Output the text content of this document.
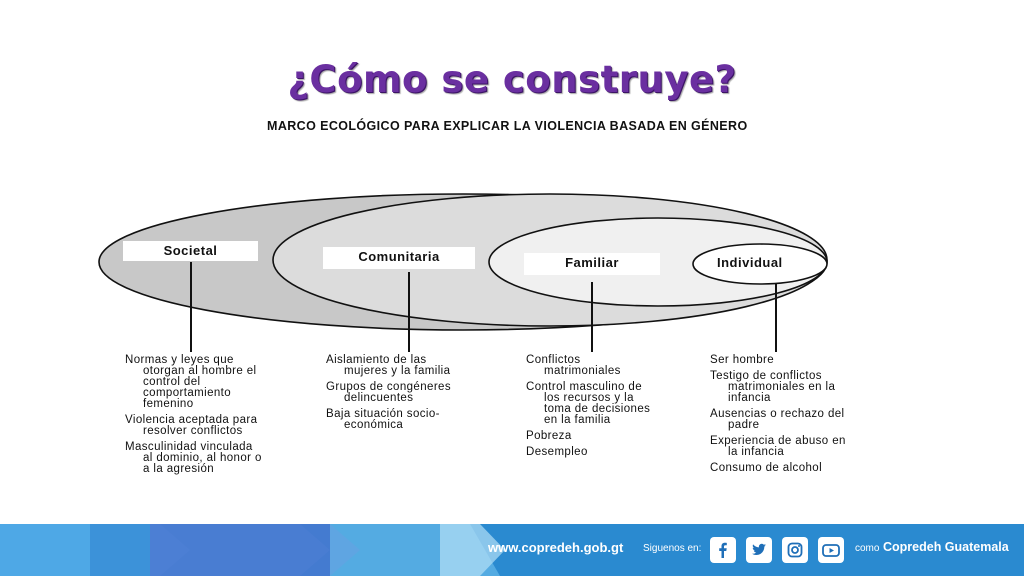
¿Cómo se construye?
MARCO ECOLÓGICO PARA EXPLICAR LA VIOLENCIA BASADA EN GÉNERO
Societal	Comunitaria	Familiar	Individual
Normas y leyes que
otorgan al hombre el
control del
comportamiento
femenino
Violencia aceptada para
resolver conflictos
Masculinidad vinculada
al dominio, al honor o
a la agresión
Aislamiento de las
mujeres y la familia
Grupos de congéneres
delincuentes
Baja situación socio-
económica
Conflictos
matrimoniales
Control masculino de
los recursos y la
toma de decisiones
en la familia
Pobreza
Desempleo
Ser hombre
Testigo de conflictos
matrimoniales en la
infancia
Ausencias o rechazo del
padre
Experiencia de abuso en
la infancia
Consumo de alcohol
www.copredeh.gob.gt Siguenos en:	como Copredeh Guatemala
